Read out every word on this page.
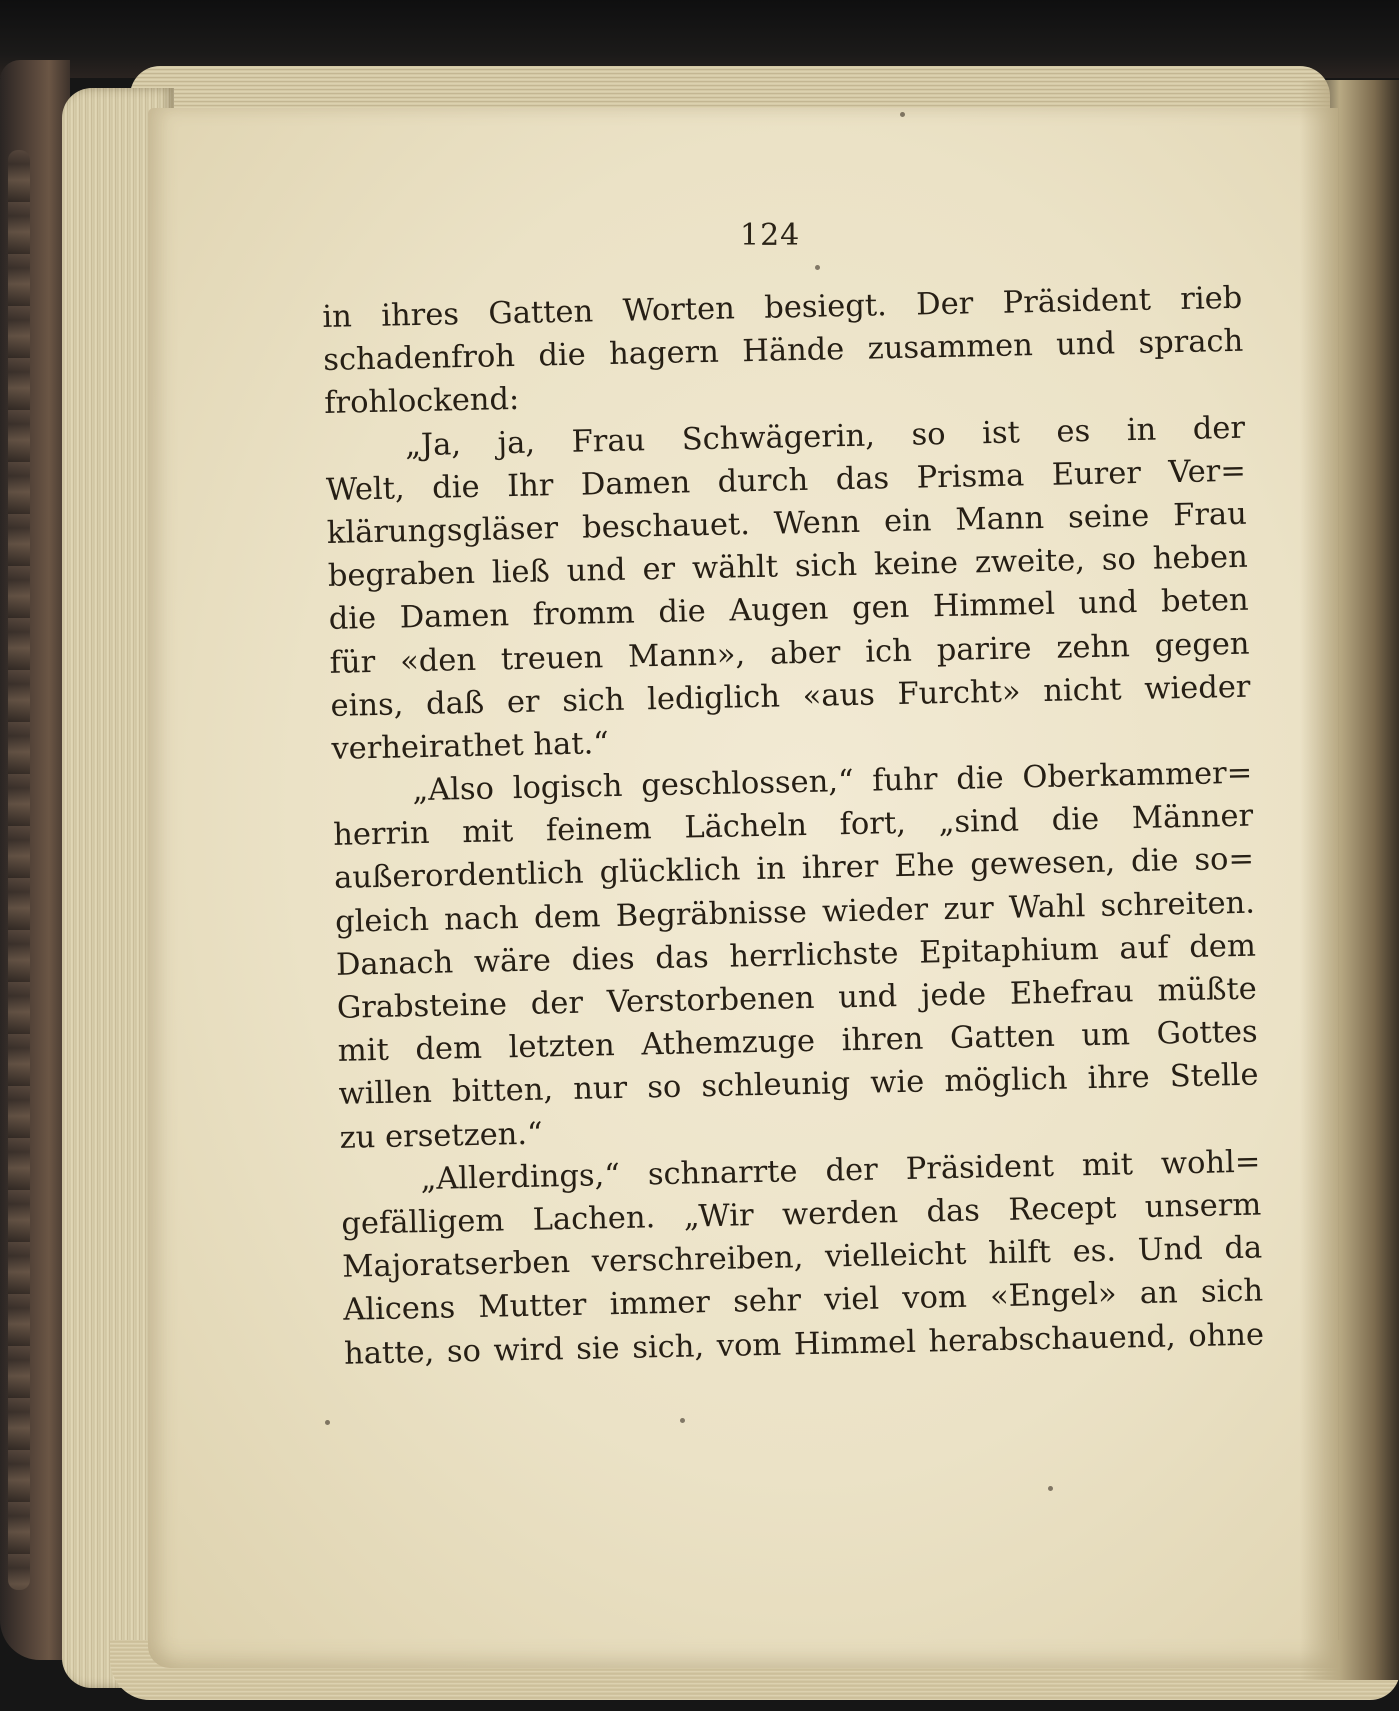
124
in ihres Gatten Worten besiegt. Der Präsident rieb
schadenfroh die hagern Hände zusammen und sprach
frohlockend:
„Ja, ja, Frau Schwägerin, so ist es in der
Welt, die Ihr Damen durch das Prisma Eurer Ver=
klärungsgläser beschauet. Wenn ein Mann seine Frau
begraben ließ und er wählt sich keine zweite, so heben
die Damen fromm die Augen gen Himmel und beten
für «den treuen Mann», aber ich parire zehn gegen
eins, daß er sich lediglich «aus Furcht» nicht wieder
verheirathet hat.“
„Also logisch geschlossen,“ fuhr die Oberkammer=
herrin mit feinem Lächeln fort, „sind die Männer
außerordentlich glücklich in ihrer Ehe gewesen, die so=
gleich nach dem Begräbnisse wieder zur Wahl schreiten.
Danach wäre dies das herrlichste Epitaphium auf dem
Grabsteine der Verstorbenen und jede Ehefrau müßte
mit dem letzten Athemzuge ihren Gatten um Gottes
willen bitten, nur so schleunig wie möglich ihre Stelle
zu ersetzen.“
„Allerdings,“ schnarrte der Präsident mit wohl=
gefälligem Lachen. „Wir werden das Recept unserm
Majoratserben verschreiben, vielleicht hilft es. Und da
Alicens Mutter immer sehr viel vom «Engel» an sich
hatte, so wird sie sich, vom Himmel herabschauend, ohne
